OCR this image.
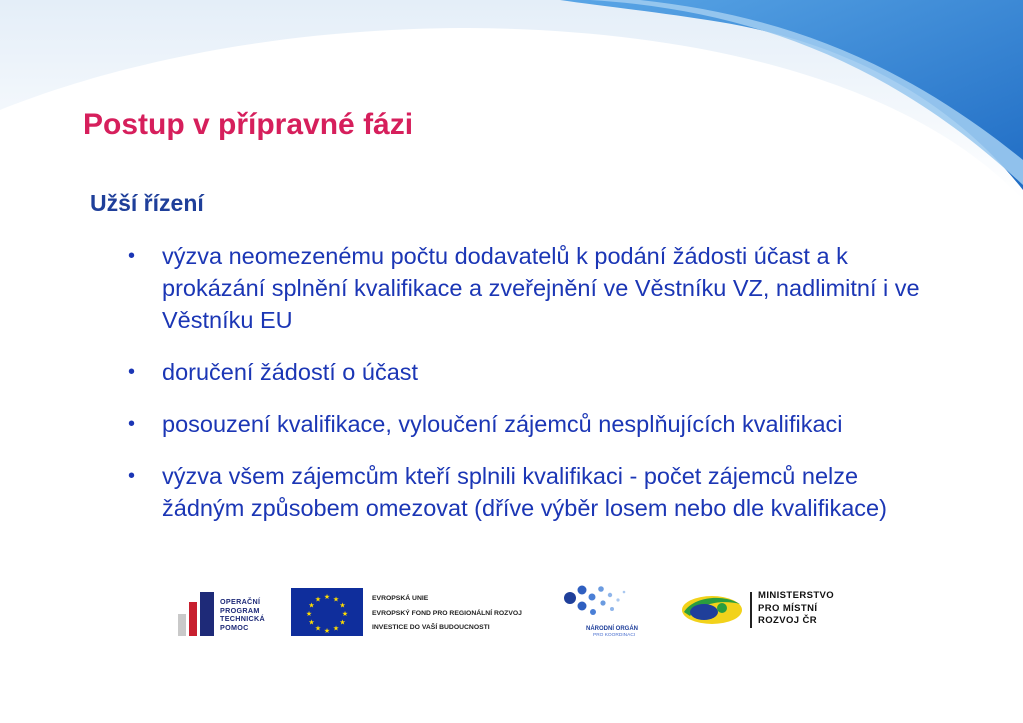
Postup v přípravné fázi
Užší řízení
• výzva neomezenému počtu dodavatelů k podání žádosti účast a k prokázání splnění kvalifikace a zveřejnění ve Věstníku VZ, nadlimitní i ve Věstníku EU
• doručení žádostí o účast
• posouzení kvalifikace, vyloučení zájemců nesplňujících kvalifikaci
• výzva všem zájemcům kteří splnili kvalifikaci - počet zájemců nelze žádným způsobem omezovat (dříve výběr losem nebo dle kvalifikace)
OPERAČNÍ
PROGRAM
TECHNICKÁ
POMOC
★ ★
★
★
★
★
★
★
★
★
★
★	EVROPSKÁ UNIE
EVROPSKÝ FOND PRO REGIONÁLNÍ ROZVOJ
INVESTICE DO VAŠÍ BUDOUCNOSTI	NÁRODNÍ ORGÁN
PRO KOORDINACI
MINISTERSTVO
PRO MÍSTNÍ
ROZVOJ ČR
